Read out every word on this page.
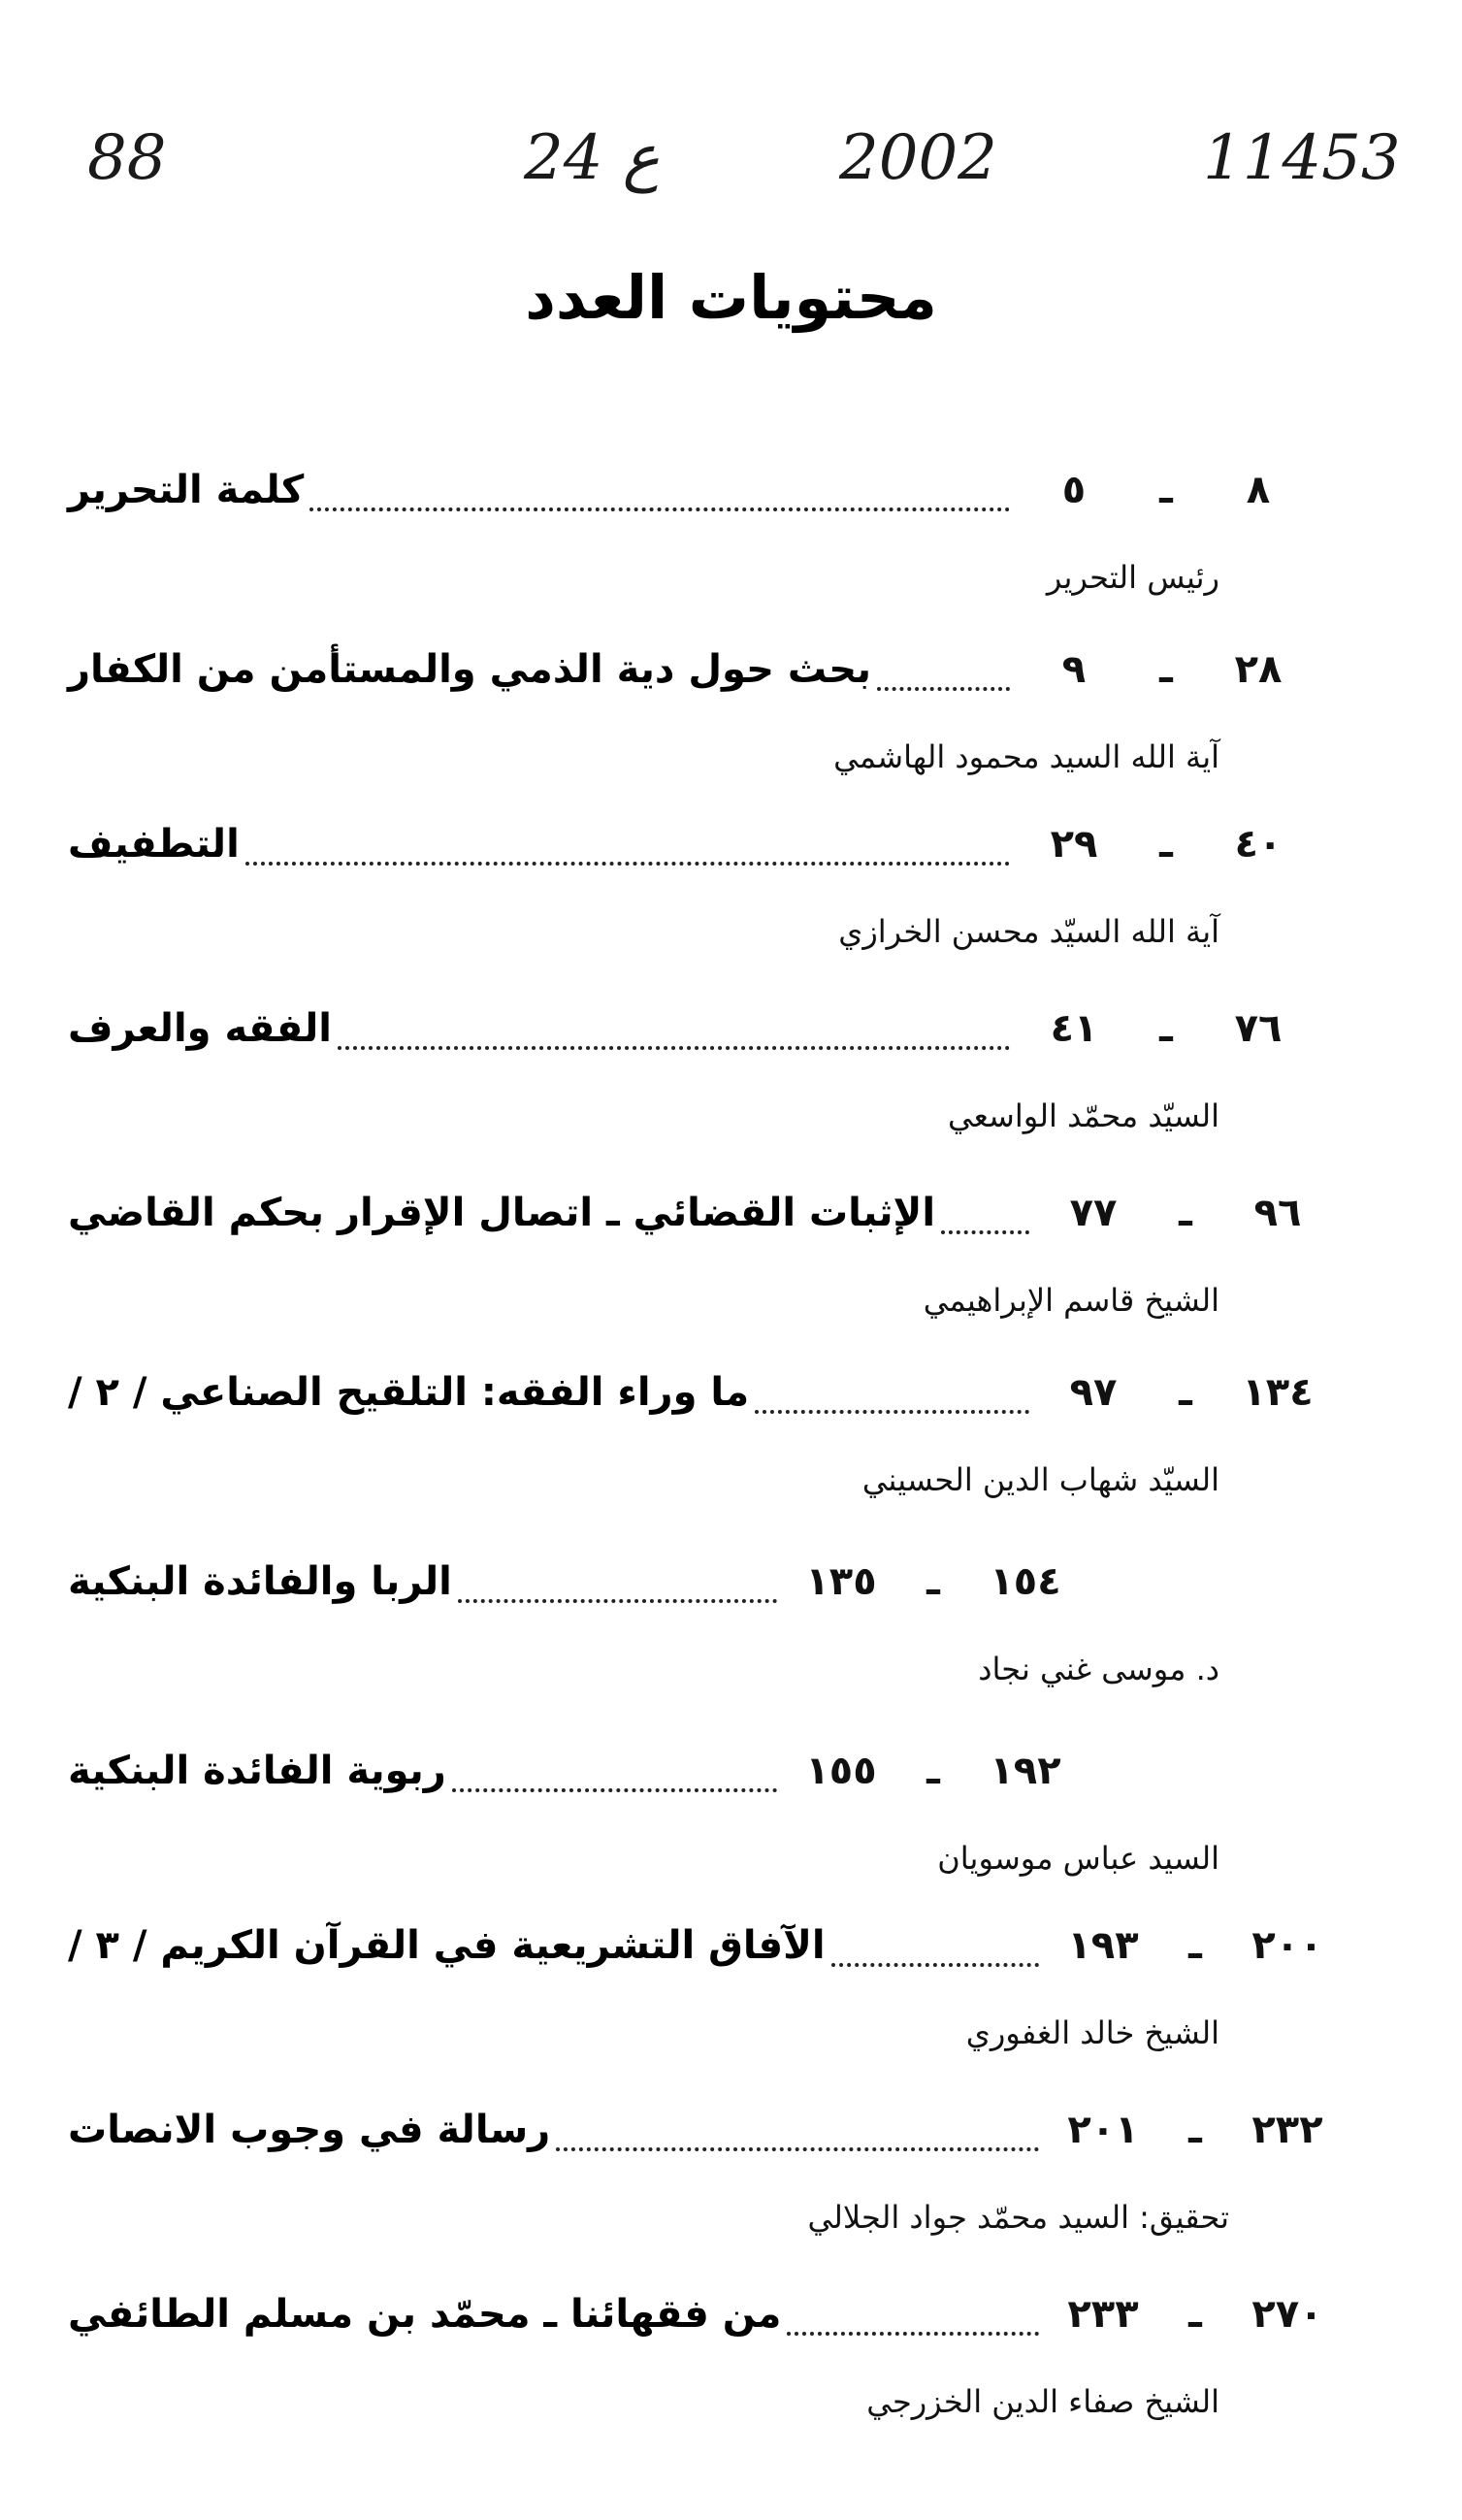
11453
2002
ع 24
88
محتويات العدد
كلمة التحرير	٥	ـ	٨
رئيس التحرير
بحث حول دية الذمي والمستأمن من الكفار	٩	ـ	٢٨
آية الله السيد محمود الهاشمي
التطفيف	٢٩	ـ	٤٠
آية الله السيّد محسن الخرازي
الفقه والعرف	٤١	ـ	٧٦
السيّد محمّد الواسعي
الإثبات القضائي ـ اتصال الإقرار بحكم القاضي	٧٧	ـ	٩٦
الشيخ قاسم الإبراهيمي
ما وراء الفقه: التلقيح الصناعي / ٢ /	٩٧	ـ	١٣٤
السيّد شهاب الدين الحسيني
الربا والفائدة البنكية	١٣٥	ـ	١٥٤
د. موسى غني نجاد
ربوية الفائدة البنكية	١٥٥	ـ	١٩٢
السيد عباس موسويان
الآفاق التشريعية في القرآن الكريم / ٣ /	١٩٣	ـ	٢٠٠
الشيخ خالد الغفوري
رسالة في وجوب الانصات	٢٠١	ـ	٢٣٢
تحقيق: السيد محمّد جواد الجلالي
من فقهائنا ـ محمّد بن مسلم الطائفي	٢٣٣	ـ	٢٧٠
الشيخ صفاء الدين الخزرجي
